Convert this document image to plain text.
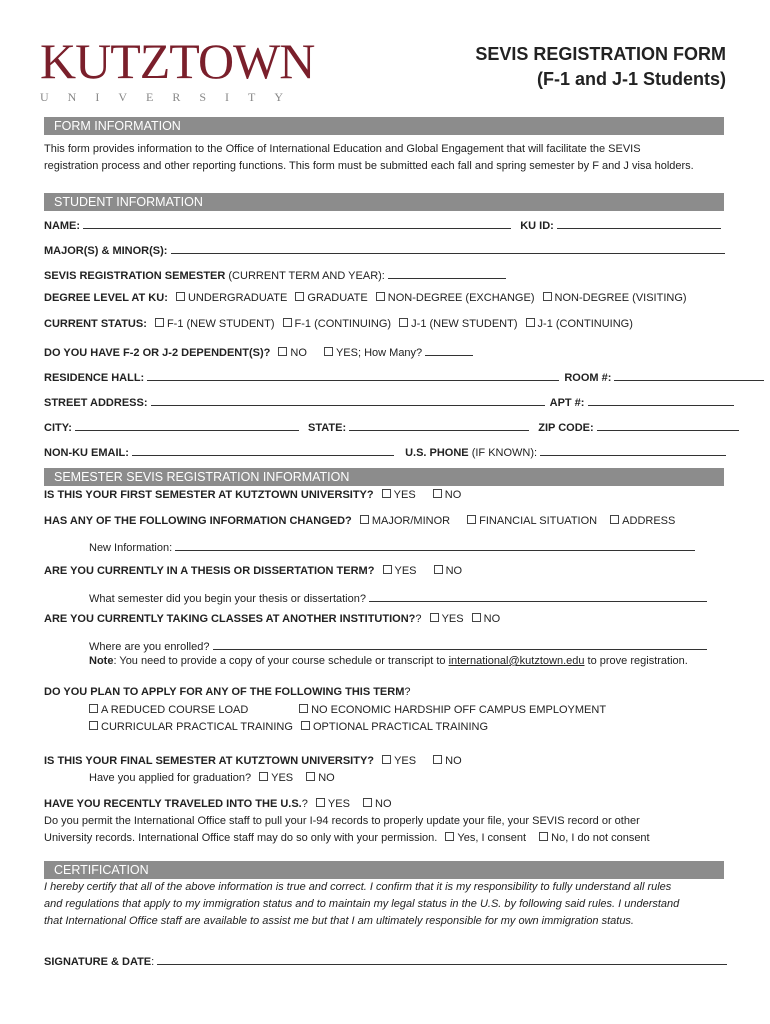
KUTZTOWN
UNIVERSITY
SEVIS REGISTRATION FORM
(F-1 and J-1 Students)
FORM INFORMATION
This form provides information to the Office of International Education and Global Engagement that will facilitate the SEVIS
registration process and other reporting functions. This form must be submitted each fall and spring semester by F and J visa holders.
STUDENT INFORMATION
NAME:	KU ID:
MAJOR(S) & MINOR(S):
SEVIS REGISTRATION SEMESTER (CURRENT TERM AND YEAR):
DEGREE LEVEL AT KU: UNDERGRADUATE GRADUATE NON-DEGREE (EXCHANGE) NON-DEGREE (VISITING)
CURRENT STATUS: F-1 (NEW STUDENT) F-1 (CONTINUING) J-1 (NEW STUDENT) J-1 (CONTINUING)
DO YOU HAVE F-2 OR J-2 DEPENDENT(S)? NO	YES; How Many?
RESIDENCE HALL:	ROOM #:
STREET ADDRESS:	APT #:
CITY:	STATE:	ZIP CODE:
NON-KU EMAIL:	U.S. PHONE (IF KNOWN):
SEMESTER SEVIS REGISTRATION INFORMATION
IS THIS YOUR FIRST SEMESTER AT KUTZTOWN UNIVERSITY? YES	NO
HAS ANY OF THE FOLLOWING INFORMATION CHANGED? MAJOR/MINOR	FINANCIAL SITUATION ADDRESS
New Information:
ARE YOU CURRENTLY IN A THESIS OR DISSERTATION TERM? YES	NO
What semester did you begin your thesis or dissertation?
ARE YOU CURRENTLY TAKING CLASSES AT ANOTHER INSTITUTION?? YES NO
Where are you enrolled?
Note: You need to provide a copy of your course schedule or transcript to international@kutztown.edu to prove registration.
DO YOU PLAN TO APPLY FOR ANY OF THE FOLLOWING THIS TERM?
A REDUCED COURSE LOAD	NO ECONOMIC HARDSHIP OFF CAMPUS EMPLOYMENT
CURRICULAR PRACTICAL TRAINING OPTIONAL PRACTICAL TRAINING
IS THIS YOUR FINAL SEMESTER AT KUTZTOWN UNIVERSITY? YES	NO
Have you applied for graduation? YES NO
HAVE YOU RECENTLY TRAVELED INTO THE U.S.? YES NO
Do you permit the International Office staff to pull your I-94 records to properly update your file, your SEVIS record or other
University records. International Office staff may do so only with your permission. Yes, I consent No, I do not consent
CERTIFICATION
I hereby certify that all of the above information is true and correct. I confirm that it is my responsibility to fully understand all rules
and regulations that apply to my immigration status and to maintain my legal status in the U.S. by following said rules. I understand
that International Office staff are available to assist me but that I am ultimately responsible for my own immigration status.
SIGNATURE & DATE:
